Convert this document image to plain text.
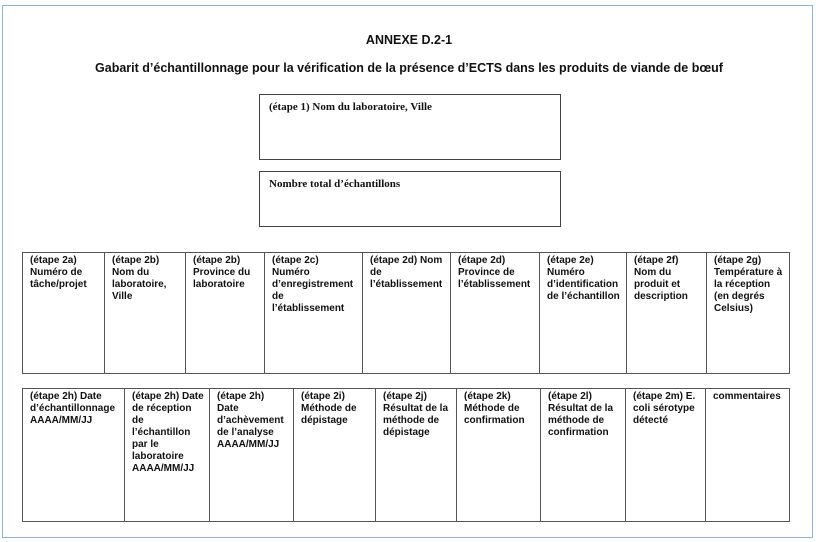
ANNEXE D.2-1
Gabarit d’échantillonnage pour la vérification de la présence d’ECTS dans les produits de viande de bœuf
(étape 1) Nom du laboratoire, Ville
Nombre total d’échantillons
(étape 2a) Numéro de tâche/projet	(étape 2b) Nom du laboratoire, Ville	(étape 2b) Province du laboratoire	(étape 2c) Numéro d’enregistrement de l’établissement	(étape 2d) Nom de l’établissement	(étape 2d) Province de l’établissement	(étape 2e) Numéro d’identification de l’échantillon	(étape 2f) Nom du produit et description	(étape 2g) Température à la réception (en degrés Celsius)
(étape 2h) Date d’échantillonnage AAAA/MM/JJ	(étape 2h) Date de réception de l’échantillon par le laboratoire AAAA/MM/JJ	(étape 2h) Date d’achèvement de l’analyse AAAA/MM/JJ	(étape 2i) Méthode de dépistage	(étape 2j) Résultat de la méthode de dépistage	(étape 2k) Méthode de confirmation	(étape 2l) Résultat de la méthode de confirmation	(étape 2m) E. coli sérotype détecté	commentaires
